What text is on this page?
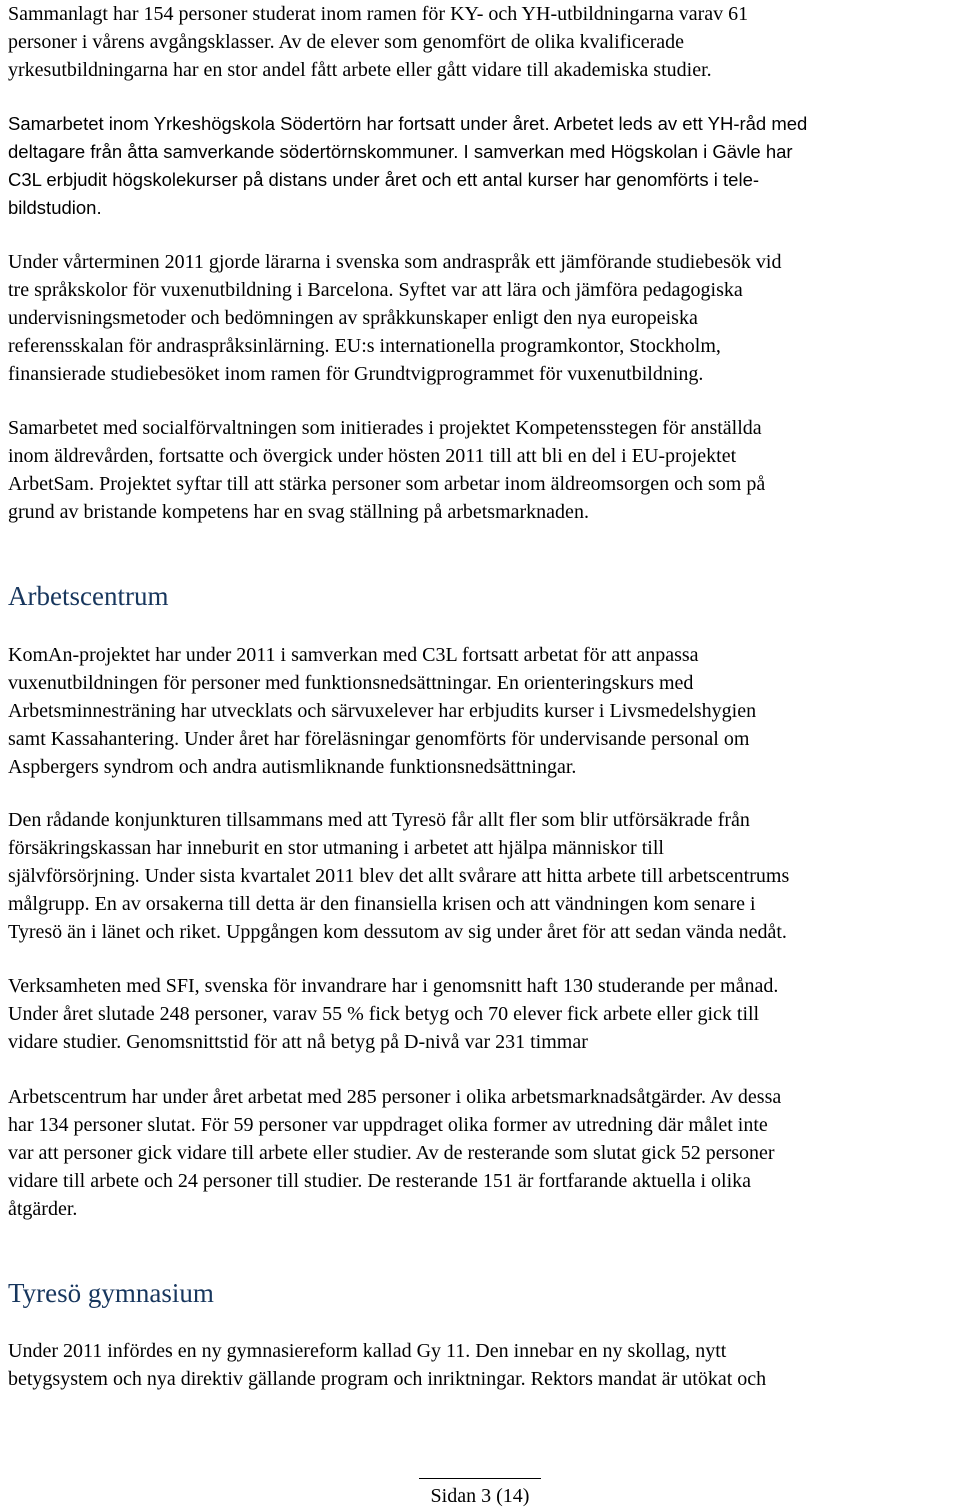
Sammanlagt har 154 personer studerat inom ramen för KY- och YH-utbildningarna varav 61
personer i vårens avgångsklasser. Av de elever som genomfört de olika kvalificerade
yrkesutbildningarna har en stor andel fått arbete eller gått vidare till akademiska studier.

Samarbetet inom Yrkeshögskola Södertörn har fortsatt under året. Arbetet leds av ett YH-råd med
deltagare från åtta samverkande södertörnskommuner. I samverkan med Högskolan i Gävle har
C3L erbjudit högskolekurser på distans under året och ett antal kurser har genomförts i tele-
bildstudion.

Under vårterminen 2011 gjorde lärarna i svenska som andraspråk ett jämförande studiebesök vid
tre språkskolor för vuxenutbildning i Barcelona. Syftet var att lära och jämföra pedagogiska
undervisningsmetoder och bedömningen av språkkunskaper enligt den nya europeiska
referensskalan för andraspråksinlärning. EU:s internationella programkontor, Stockholm,
finansierade studiebesöket inom ramen för Grundtvigprogrammet för vuxenutbildning.

Samarbetet med socialförvaltningen som initierades i projektet Kompetensstegen för anställda
inom äldrevården, fortsatte och övergick under hösten 2011 till att bli en del i EU-projektet
ArbetSam. Projektet syftar till att stärka personer som arbetar inom äldreomsorgen och som på
grund av bristande kompetens har en svag ställning på arbetsmarknaden.

Arbetscentrum

KomAn-projektet har under 2011 i samverkan med C3L fortsatt arbetat för att anpassa
vuxenutbildningen för personer med funktionsnedsättningar. En orienteringskurs med
Arbetsminnesträning har utvecklats och särvuxelever har erbjudits kurser i Livsmedelshygien
samt Kassahantering. Under året har föreläsningar genomförts för undervisande personal om
Aspbergers syndrom och andra autismliknande funktionsnedsättningar.

Den rådande konjunkturen tillsammans med att Tyresö får allt fler som blir utförsäkrade från
försäkringskassan har inneburit en stor utmaning i arbetet att hjälpa människor till
självförsörjning. Under sista kvartalet 2011 blev det allt svårare att hitta arbete till arbetscentrums
målgrupp. En av orsakerna till detta är den finansiella krisen och att vändningen kom senare i
Tyresö än i länet och riket. Uppgången kom dessutom av sig under året för att sedan vända nedåt.

Verksamheten med SFI, svenska för invandrare har i genomsnitt haft 130 studerande per månad.
Under året slutade 248 personer, varav 55 % fick betyg och 70 elever fick arbete eller gick till
vidare studier. Genomsnittstid för att nå betyg på D-nivå var 231 timmar

Arbetscentrum har under året arbetat med 285 personer i olika arbetsmarknadsåtgärder. Av dessa
har 134 personer slutat. För 59 personer var uppdraget olika former av utredning där målet inte
var att personer gick vidare till arbete eller studier. Av de resterande som slutat gick 52 personer
vidare till arbete och 24 personer till studier. De resterande 151 är fortfarande aktuella i olika
åtgärder.

Tyresö gymnasium

Under 2011 infördes en ny gymnasiereform kallad Gy 11. Den innebar en ny skollag, nytt
betygsystem och nya direktiv gällande program och inriktningar. Rektors mandat är utökat och

Sidan 3 (14)
